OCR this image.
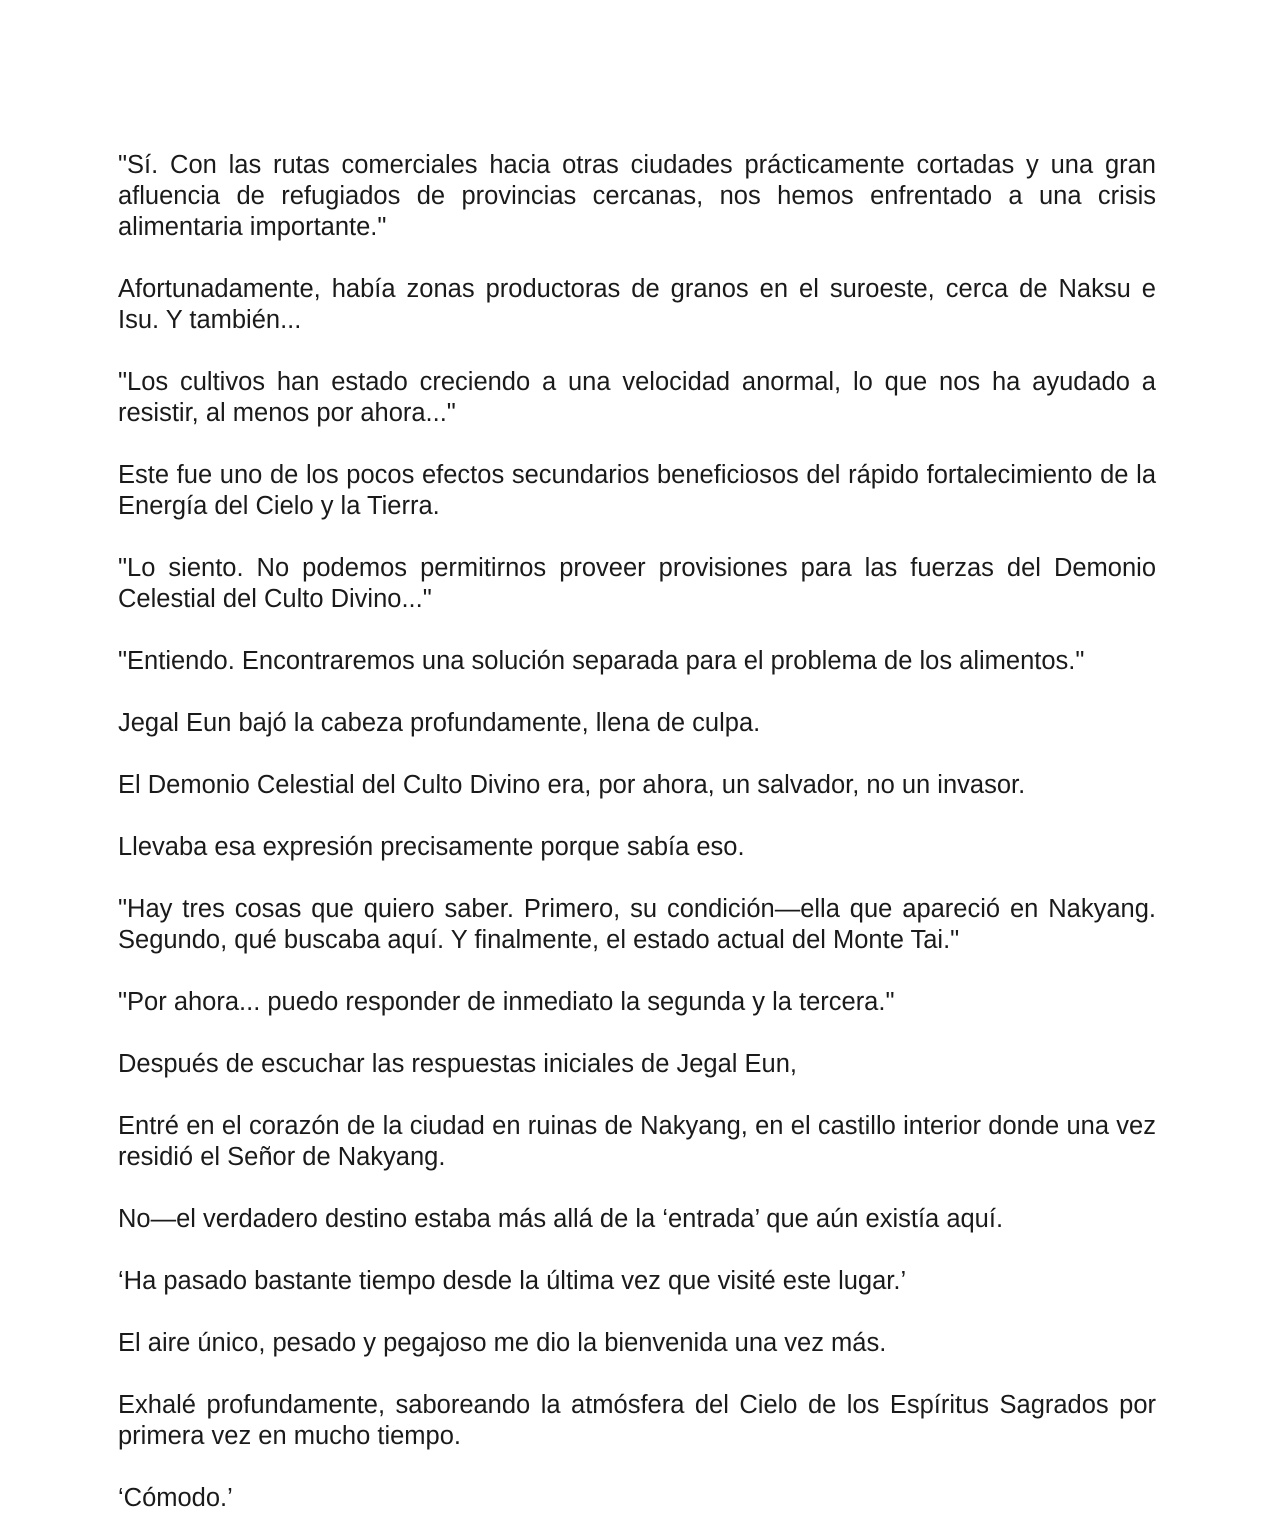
"Sí. Con las rutas comerciales hacia otras ciudades prácticamente cortadas y una gran afluencia de refugiados de provincias cercanas, nos hemos enfrentado a una crisis alimentaria importante."

Afortunadamente, había zonas productoras de granos en el suroeste, cerca de Naksu e Isu. Y también...

"Los cultivos han estado creciendo a una velocidad anormal, lo que nos ha ayudado a resistir, al menos por ahora..."

Este fue uno de los pocos efectos secundarios beneficiosos del rápido fortalecimiento de la Energía del Cielo y la Tierra.

"Lo siento. No podemos permitirnos proveer provisiones para las fuerzas del Demonio Celestial del Culto Divino..."

"Entiendo. Encontraremos una solución separada para el problema de los alimentos."

Jegal Eun bajó la cabeza profundamente, llena de culpa.

El Demonio Celestial del Culto Divino era, por ahora, un salvador, no un invasor.

Llevaba esa expresión precisamente porque sabía eso.

"Hay tres cosas que quiero saber. Primero, su condición—ella que apareció en Nakyang. Segundo, qué buscaba aquí. Y finalmente, el estado actual del Monte Tai."

"Por ahora... puedo responder de inmediato la segunda y la tercera."

Después de escuchar las respuestas iniciales de Jegal Eun,

Entré en el corazón de la ciudad en ruinas de Nakyang, en el castillo interior donde una vez residió el Señor de Nakyang.

No—el verdadero destino estaba más allá de la ‘entrada’ que aún existía aquí.

‘Ha pasado bastante tiempo desde la última vez que visité este lugar.’

El aire único, pesado y pegajoso me dio la bienvenida una vez más.

Exhalé profundamente, saboreando la atmósfera del Cielo de los Espíritus Sagrados por primera vez en mucho tiempo.

‘Cómodo.’
